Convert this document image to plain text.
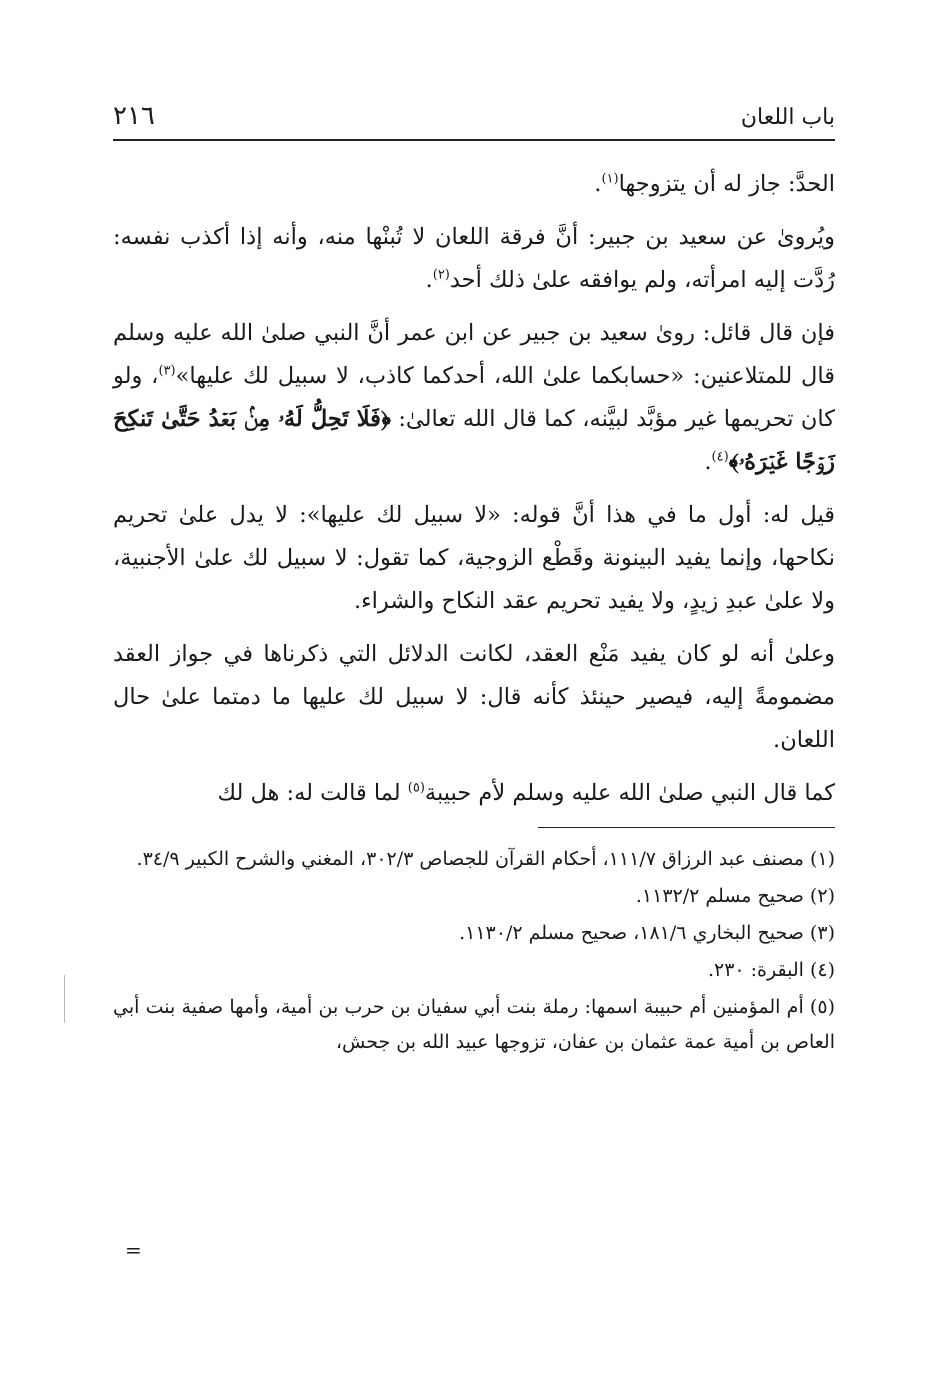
باب اللعان
٢١٦

الحدَّ: جاز له أن يتزوجها$^{(١)}$.

ويُروىٰ عن سعيد بن جبير: أنَّ فرقة اللعان لا تُبنْها منه، وأنه إذا أكذب نفسه: رُدَّت إليه امرأته، ولم يوافقه علىٰ ذلك أحد$^{(٢)}$.

فإن قال قائل: روىٰ سعيد بن جبير عن ابن عمر أنَّ النبي صلىٰ الله عليه وسلم قال للمتلاعنين: «حسابكما علىٰ الله، أحدكما كاذب، لا سبيل لك عليها»$^{(٣)}$، ولو كان تحريمها غير مؤبَّد لبيَّنه، كما قال الله تعالىٰ: ﴿فَلَا تَحِلُّ لَهُۥ مِنۢ بَعۡدُ حَتَّىٰ تَنكِحَ زَوۡجًا غَيۡرَهُۥ﴾$^{(٤)}$.

قيل له: أول ما في هذا أنَّ قوله: «لا سبيل لك عليها»: لا يدل علىٰ تحريم نكاحها، وإنما يفيد البينونة وقَطْع الزوجية، كما تقول: لا سبيل لك علىٰ الأجنبية، ولا علىٰ عبدِ زيدٍ، ولا يفيد تحريم عقد النكاح والشراء.

وعلىٰ أنه لو كان يفيد مَنْع العقد، لكانت الدلائل التي ذكرناها في جواز العقد مضمومةً إليه، فيصير حينئذ كأنه قال: لا سبيل لك عليها ما دمتما علىٰ حال اللعان.

كما قال النبي صلىٰ الله عليه وسلم لأم حبيبة$^{(٥)}$ لما قالت له: هل لك

(١) مصنف عبد الرزاق ١١١/٧، أحكام القرآن للجصاص ٣٠٢/٣، المغني والشرح الكبير ٣٤/٩.

(٢) صحيح مسلم ١١٣٢/٢.

(٣) صحيح البخاري ١٨١/٦، صحيح مسلم ١١٣٠/٢.

(٤) البقرة: ٢٣٠.

(٥) أم المؤمنين أم حبيبة اسمها: رملة بنت أبي سفيان بن حرب بن أمية، وأمها صفية بنت أبي العاص بن أمية عمة عثمان بن عفان، تزوجها عبيد الله بن جحش،

=
